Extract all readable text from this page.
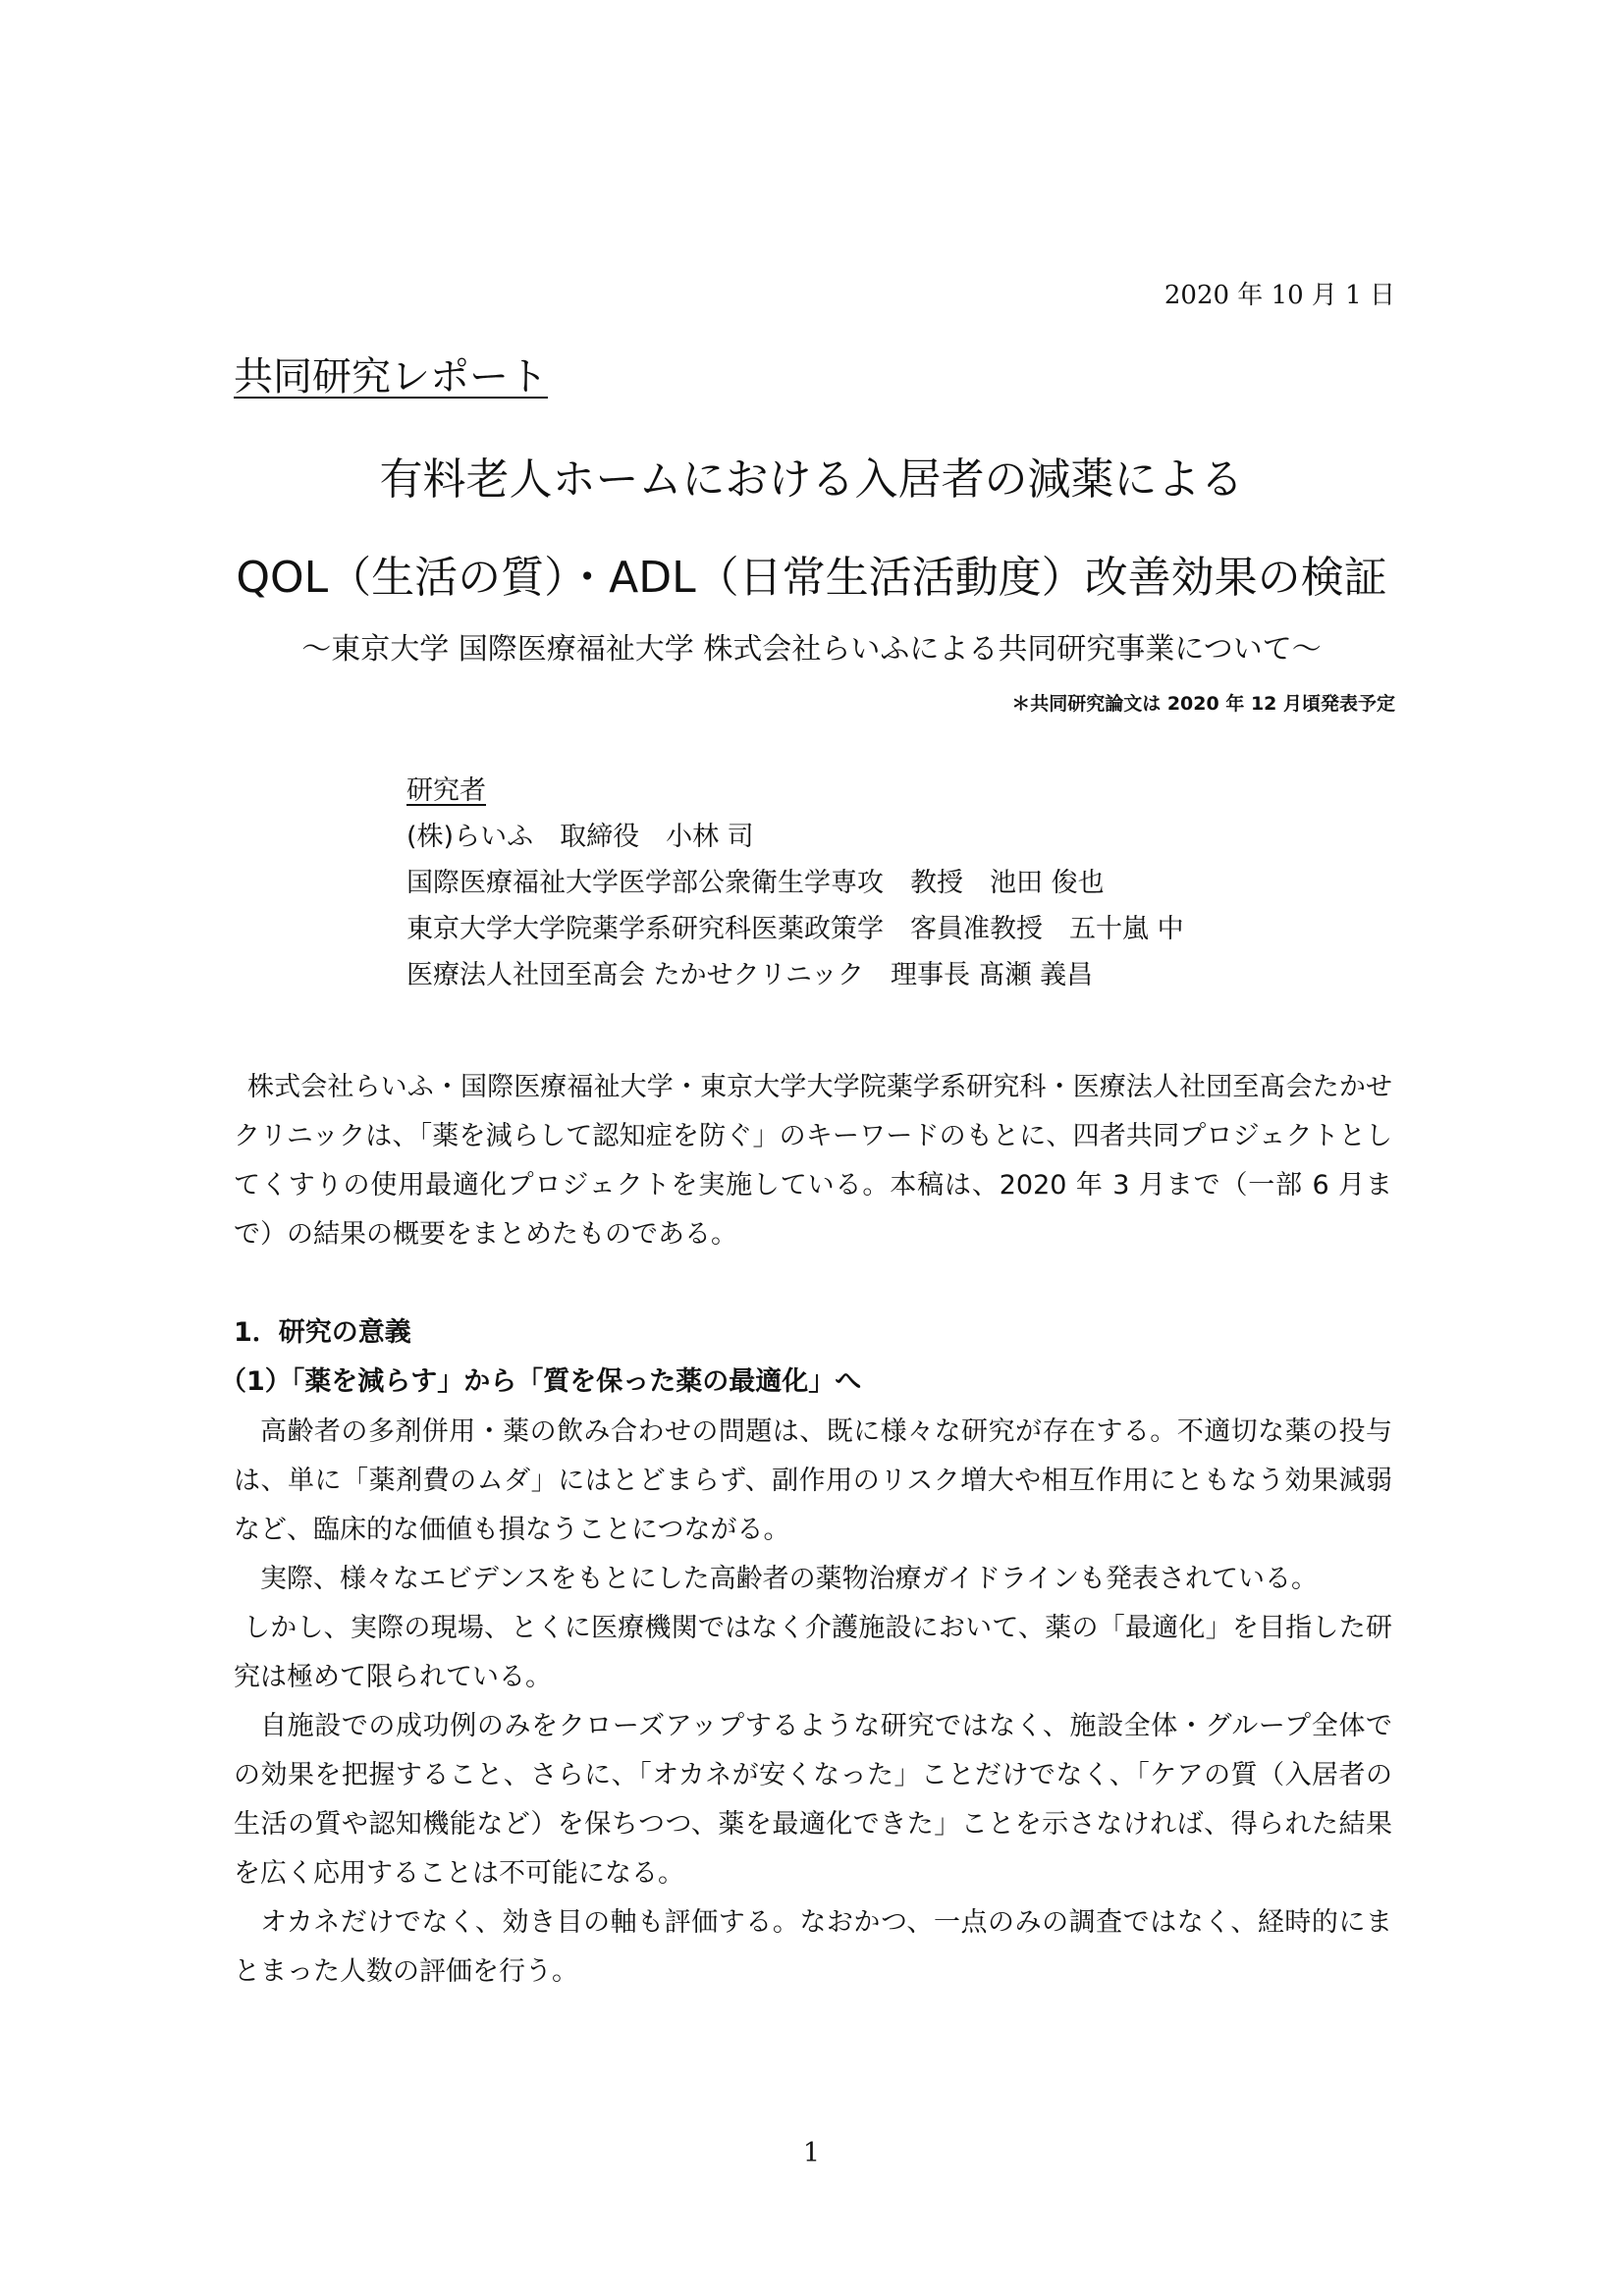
2020 年 10 月 1 日
共同研究レポート
有料老人ホームにおける入居者の減薬による
QOL（生活の質）・ADL（日常生活活動度）改善効果の検証
～東京大学 国際医療福祉大学 株式会社らいふによる共同研究事業について～
＊共同研究論文は 2020 年 12 月頃発表予定
研究者
(株)らいふ　取締役　小林 司
国際医療福祉大学医学部公衆衛生学専攻　教授　池田 俊也
東京大学大学院薬学系研究科医薬政策学　客員准教授　五十嵐 中
医療法人社団至髙会 たかせクリニック　理事長 髙瀬 義昌
株式会社らいふ・国際医療福祉大学・東京大学大学院薬学系研究科・医療法人社団至髙会たかせクリニックは、「薬を減らして認知症を防ぐ」のキーワードのもとに、四者共同プロジェクトとしてくすりの使用最適化プロジェクトを実施している。本稿は、2020 年 3 月まで（一部 6 月まで）の結果の概要をまとめたものである。
1．研究の意義
（1）「薬を減らす」から「質を保った薬の最適化」へ

高齢者の多剤併用・薬の飲み合わせの問題は、既に様々な研究が存在する。不適切な薬の投与は、単に「薬剤費のムダ」にはとどまらず、副作用のリスク増大や相互作用にともなう効果減弱など、臨床的な価値も損なうことにつながる。

実際、様々なエビデンスをもとにした高齢者の薬物治療ガイドラインも発表されている。

しかし、実際の現場、とくに医療機関ではなく介護施設において、薬の「最適化」を目指した研究は極めて限られている。

自施設での成功例のみをクローズアップするような研究ではなく、施設全体・グループ全体での効果を把握すること、さらに、「オカネが安くなった」ことだけでなく、「ケアの質（入居者の生活の質や認知機能など）を保ちつつ、薬を最適化できた」ことを示さなければ、得られた結果を広く応用することは不可能になる。

オカネだけでなく、効き目の軸も評価する。なおかつ、一点のみの調査ではなく、経時的にまとまった人数の評価を行う。

1
